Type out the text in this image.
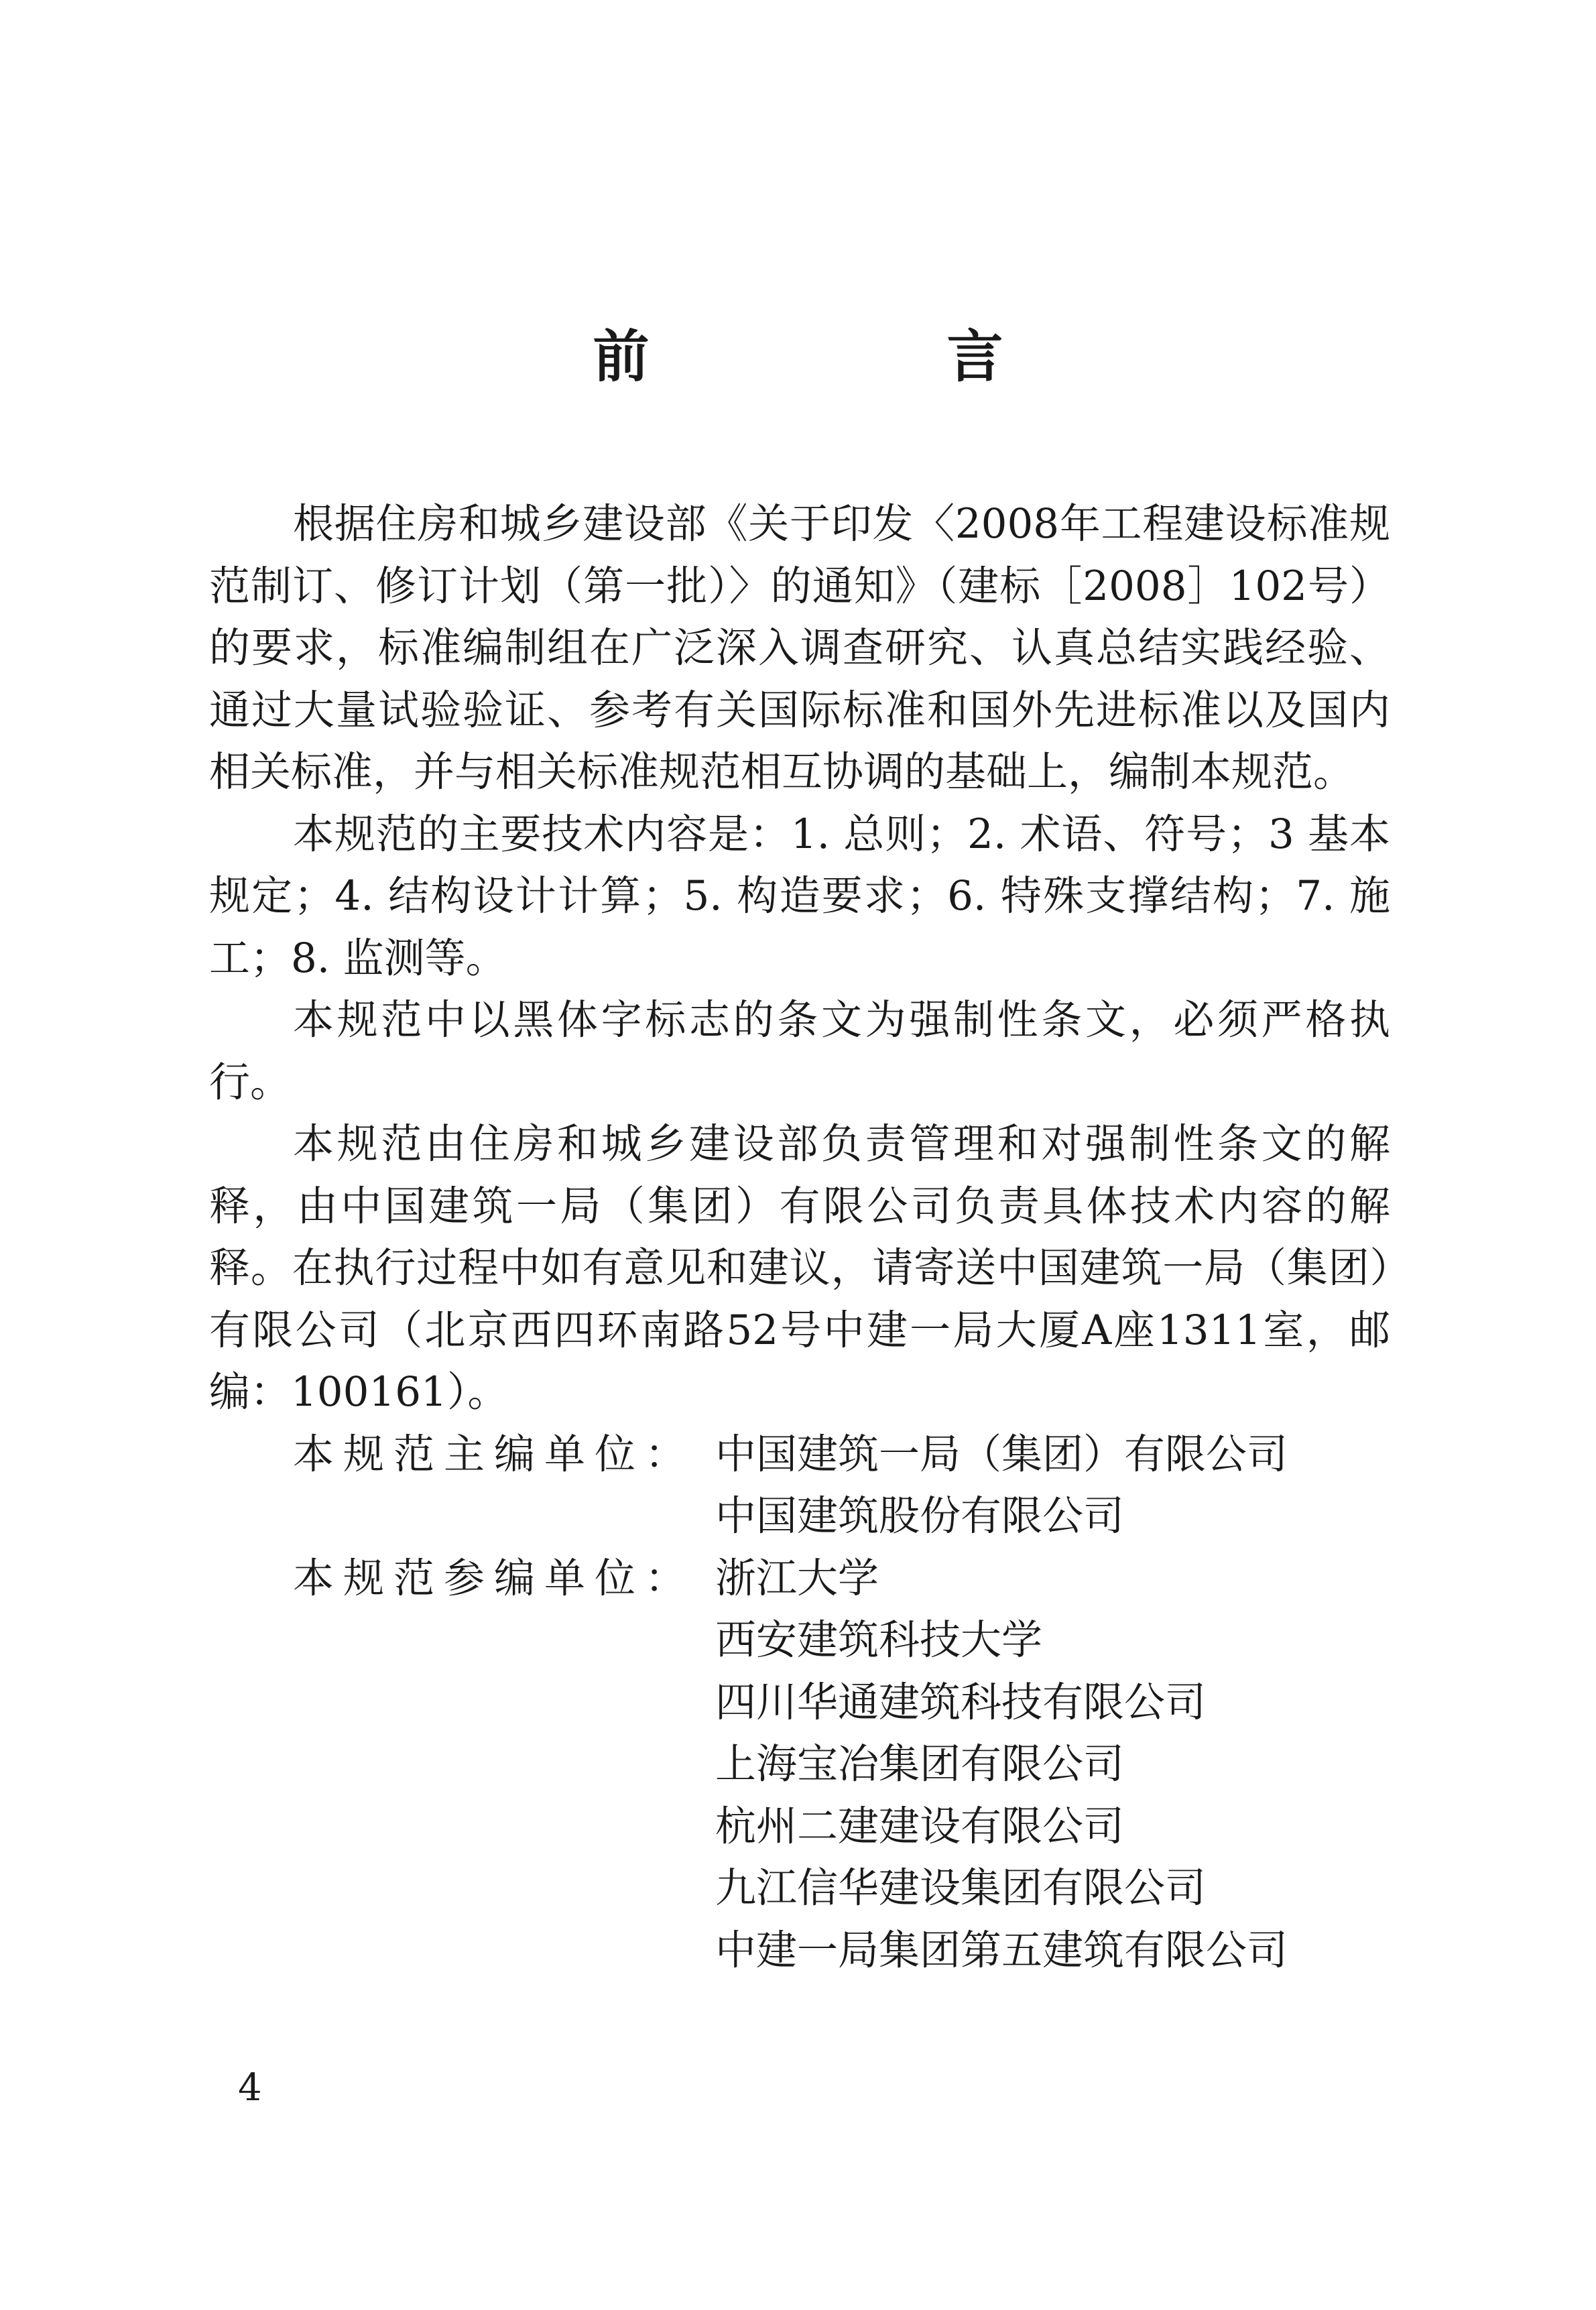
前　言

根据住房和城乡建设部《关于印发〈2008年工程建设标准规范制订、修订计划（第一批）〉的通知》（建标［2008］102号）的要求，标准编制组在广泛深入调查研究、认真总结实践经验、通过大量试验验证、参考有关国际标准和国外先进标准以及国内相关标准，并与相关标准规范相互协调的基础上，编制本规范。

本规范的主要技术内容是：1. 总则；2. 术语、符号；3 基本规定；4. 结构设计计算；5. 构造要求；6. 特殊支撑结构；7. 施工；8. 监测等。

本规范中以黑体字标志的条文为强制性条文，必须严格执行。

本规范由住房和城乡建设部负责管理和对强制性条文的解释，由中国建筑一局（集团）有限公司负责具体技术内容的解释。在执行过程中如有意见和建议，请寄送中国建筑一局（集团）有限公司（北京西四环南路52号中建一局大厦A座1311室，邮编：100161）。

本规范主编单位： 中国建筑一局（集团）有限公司
中国建筑股份有限公司
本规范参编单位： 浙江大学
西安建筑科技大学
四川华通建筑科技有限公司
上海宝冶集团有限公司
杭州二建建设有限公司
九江信华建设集团有限公司
中建一局集团第五建筑有限公司
4
